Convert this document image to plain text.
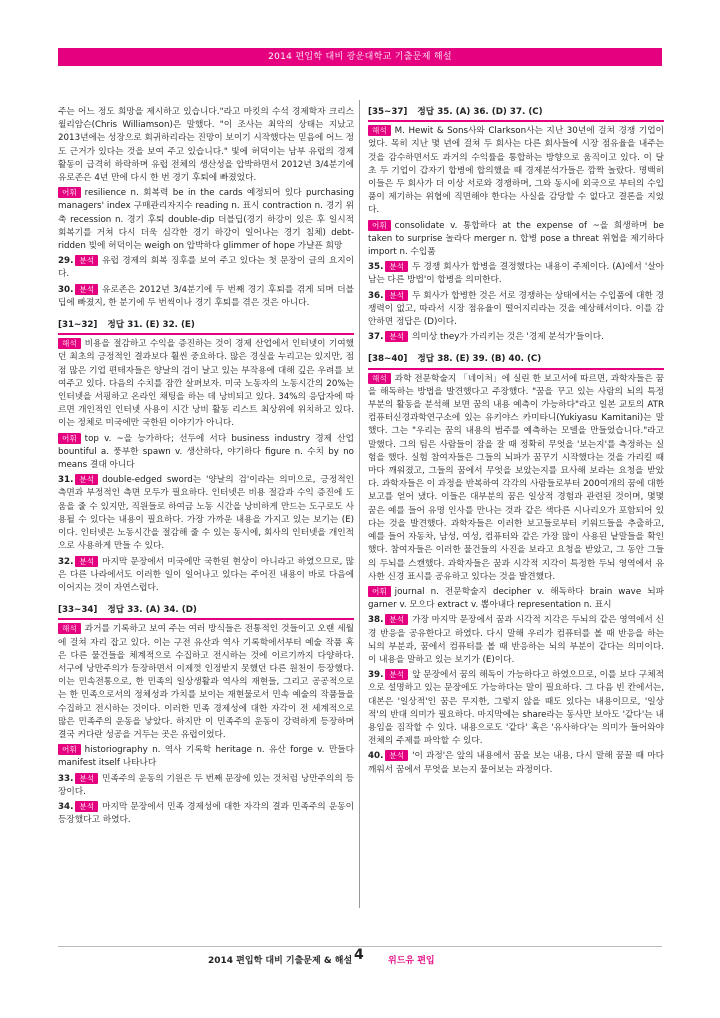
2014 편입학 대비 광운대학교 기출문제 해설

주는 어느 정도 희망을 제시하고 있습니다."라고 마킷의 수석 경제학자 크리스 윌리암슨(Chris Williamson)은 말했다. "이 조사는 최악의 상태는 지났고 2013년에는 성장으로 회귀하리라는 진망이 보이기 시작했다는 믿음에 어느 정도 근거가 있다는 것을 보여 주고 있습니다." 빛에 허덕이는 남부 유럽의 경제 활동이 급격히 하락하며 유럽 전체의 생산성을 압박하면서 2012년 3/4분기에 유로존은 4년 만에 다시 한 번 경기 후퇴에 빠졌었다.

어휘 resilience n. 회복력 be in the cards 예정되어 있다 purchasing managers' index 구매관리자지수 reading n. 표시 contraction n. 경기 위축 recession n. 경기 후퇴 double-dip 더블딥(경기 하강이 있은 후 일시적 회복기를 거쳐 다시 더욱 심각한 경기 하강이 일어나는 경기 침체) debt-ridden 빚에 허덕이는 weigh on 압박하다 glimmer of hope 가냘픈 희망

29. 분석 유럽 경제의 회복 징후를 보여 주고 있다는 첫 문장이 글의 요지이다.

30. 분석 유로존은 2012년 3/4분기에 두 번째 경기 후퇴를 겪게 되며 더블딥에 빠졌지, 한 분기에 두 번씩이나 경기 후퇴를 겪은 것은 아니다.

[31~32] 정답 31. (E) 32. (E)

해석 비용을 절감하고 수익을 증진하는 것이 경제 산업에서 인터넷이 기여했던 최초의 긍정적인 결과보다 훨씬 중요하다. 많은 경실을 누리고는 있지만, 점점 많은 기업 편테자들은 양날의 검이 날고 있는 부작용에 대해 깊은 우려를 보여주고 있다. 다음의 수치를 잠깐 살펴보자. 미국 노동자의 노동시간의 20%는 인터넷을 서핑하고 온라인 채팅을 하는 데 낭비되고 있다. 34%의 응답자에 따르면 개인적인 인터넷 사용이 시간 낭비 활동 리스트 최상위에 위치하고 있다. 이는 정체로 미국에만 국한된 이야기가 아니다.

어휘 top v. ~을 능가하다; 선두에 서다 business industry 경제 산업 bountiful a. 풍부한 spawn v. 생산하다, 야기하다 figure n. 수치 by no means 결대 아니다

31. 분석 double-edged sword는 '양날의 검'이라는 의미으로, 긍정적인 측면과 부정적인 측면 모두가 필요하다. 인터넷은 비용 절감과 수익 증진에 도움을 줄 수 있지만, 직원들로 하여금 노동 시간을 낭비하게 만드는 도구로도 사용될 수 있다는 내용이 필요하다. 가장 가까운 내용을 가지고 있는 보기는 (E)이다. 인터넷은 노동시간을 절감해 줄 수 있는 동시에, 회사의 인터넷을 개인적으로 사용하게 만들 수 있다.

32. 분석 마지막 문장에서 미국에만 국한된 현상이 아니라고 하였으므로, 많은 다른 나라에서도 이러한 일이 일어나고 있다는 주어진 내용이 바로 다음에 이어지는 것이 자연스럽다.

[33~34] 정답 33. (A) 34. (D)

해석 과거를 기록하고 보여 주는 여러 방식들은 전통적인 것들이고 오랜 세월에 걸쳐 자리 잡고 있다. 이는 구전 유산과 역사 기록학에서부터 예술 작품 혹은 다른 물건들을 체계적으로 수집하고 전시하는 것에 이르기까지 다양하다. 서구에 낭만주의가 등장하면서 이제껏 인정받지 못했던 다른 원천이 등장했다. 이는 민속전통으로, 한 민족의 일상생활과 역사의 재현들, 그리고 공공적으로는 한 민족으로서의 정체성과 가치를 보이는 재현물로서 민속 예술의 작품들을 수집하고 전시하는 것이다. 이러한 민족 경제성에 대한 자각이 전 세계적으로 많은 민족주의 운동을 낳았다. 하지만 이 민족주의 운동이 강력하게 등장하며 결국 커다란 성공을 거두는 곳은 유럽이었다.

어휘 historiography n. 역사 기록학 heritage n. 유산 forge v. 만들다 manifest itself 나타나다

33. 분석 민족주의 운동의 기원은 두 번째 문장에 있는 것처럼 낭만주의의 등장이다.

34. 분석 마지막 문장에서 민족 경제성에 대한 자각의 결과 민족주의 운동이 등장했다고 하였다.

[35~37] 정답 35. (A) 36. (D) 37. (C)

해석 M. Hewit & Sons사와 Clarkson사는 지난 30년에 걸쳐 경쟁 기업이었다. 목히 지난 몇 년에 걸쳐 두 회사는 다른 회사들에 시장 점유율을 내주는 것을 감수하면서도 과거의 수익률을 통합하는 방향으로 움직이고 있다. 이 달 초 두 기업이 갑자기 합병에 합의했을 때 경제분석가들은 깜짝 놀랐다. 명백히 이들은 두 회사가 더 이상 서로와 경쟁하며, 그와 동시에 외국으로 부터의 수입품이 제기하는 위협에 직면해야 한다는 사실을 감당할 수 없다고 결론을 지었다.

어휘 consolidate v. 통합하다 at the expense of ~을 희생하며 be taken to surprise 놀라다 merger n. 합병 pose a threat 위협을 제기하다 import n. 수입품

35. 분석 두 경쟁 회사가 합병을 결정했다는 내용이 주제이다. (A)에서 '살아남는 다른 방법'이 합병을 의미한다.

36. 분석 두 회사가 합병한 것은 서로 경쟁하는 상태에서는 수입품에 대한 경쟁력이 없고, 따라서 시장 점유율이 떨어지리라는 것을 예상해서이다. 이를 감안하면 정답은 (D)이다.

37. 분석 의미상 they가 가리키는 것은 '경제 분석가'들이다.

[38~40] 정답 38. (E) 39. (B) 40. (C)

해석 과학 전문학술지 「네이처」에 실린 한 보고서에 따르면, 과학자들은 꿈을 해독하는 방법을 발견했다고 주장했다. "꿈을 꾸고 있는 사람의 뇌의 특정 부분의 활동을 분석해 보면 꿈의 내용 예측이 가능하다"라고 일본 교토의 ATR 컴퓨터신경과학연구소에 있는 유키야스 카미타니(Yukiyasu Kamitani)는 말했다. 그는 "우리는 꿈의 내용의 범주를 예측하는 모델을 만들었습니다."라고 말했다. 그의 팀은 사람들이 잠을 잘 때 정확히 무엇을 '보는지'를 측정하는 실험을 했다. 실험 참여자들은 그들의 뇌파가 꿈꾸기 시작했다는 것을 가리킬 때마다 깨워졌고, 그들의 꿈에서 무엇을 보았는지를 묘사해 보라는 요청을 받았다. 과학자들은 이 과정을 반복하여 각각의 사람들로부터 200여개의 꿈에 대한 보고를 얻어 냈다. 이들은 대부분의 꿈은 일상적 경험과 관련된 것이며, 몇몇 꿈은 예를 들어 유명 인사를 만나는 것과 같은 색다른 시나리오가 포함되어 있다는 것을 발견했다. 과학자들은 이러한 보고들로부터 키워드들을 추출하고, 예를 들어 자동차, 남성, 여성, 컴퓨터와 같은 가장 많이 사용된 낱말들을 확인했다. 참여자들은 이러한 물건들의 사진을 보라고 요청을 받았고, 그 동안 그들의 두뇌를 스캔했다. 과학자들은 꿈과 시각적 지각이 특정한 두뇌 영역에서 유사한 신경 표시를 공유하고 있다는 것을 발견했다.

어휘 journal n. 전문학술지 decipher v. 해독하다 brain wave 뇌파 garner v. 모으다 extract v. 뽑아내다 representation n. 표시

38. 분석 가장 마지막 문장에서 꿈과 시각적 지각은 두뇌의 같은 영역에서 신경 반응을 공유한다고 하였다. 다시 말해 우리가 컴퓨터를 볼 때 반응을 하는 뇌의 부분과, 꿈에서 컴퓨터를 볼 때 반응하는 뇌의 부분이 같다는 의미이다. 이 내용을 말하고 있는 보기가 (E)이다.

39. 분석 앞 문장에서 꿈의 해독이 가능하다고 하였으므로, 이를 보다 구체적으로 설명하고 있는 문장에도 가능하다는 말이 필요하다. 그 다음 빈 칸에서는, 대본은 '일상적'인 꿈은 무지한, 그렇지 않을 때도 있다는 내용이므로, '일상적'의 반대 의미가 필요하다. 마지막에는 share라는 동사만 보아도 '같다'는 내용임을 짐작할 수 있다. 내용으로도 '같다' 혹은 '유사하다'는 의미가 들어와야 전체의 주제를 파악할 수 있다.

40. 분석 '이 과정'은 앞의 내용에서 꿈을 보는 내용, 다시 말해 꿈꿀 때 마다 깨워서 꿈에서 무엇을 보는지 물어보는 과정이다.

2014 편입학 대비 기출문제 & 해설 4	위드유 편입
